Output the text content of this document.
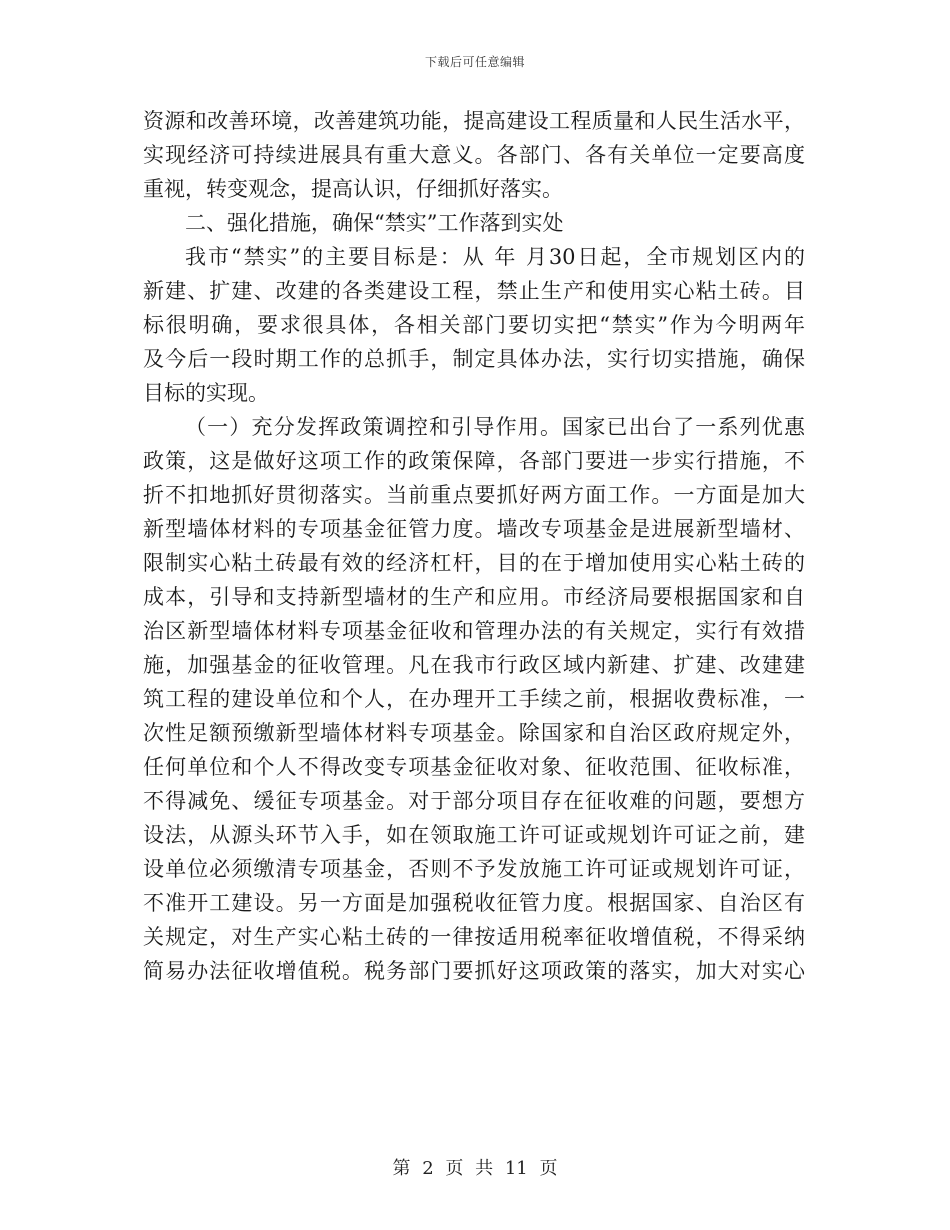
下载后可任意编辑
资源和改善环境，改善建筑功能，提高建设工程质量和人民生活水平，
实现经济可持续进展具有重大意义。各部门、各有关单位一定要高度
重视，转变观念，提高认识，仔细抓好落实。
二、强化措施，确保“禁实”工作落到实处
我市“禁实”的主要目标是：从 年 月30日起，全市规划区内的
新建、扩建、改建的各类建设工程，禁止生产和使用实心粘土砖。目
标很明确，要求很具体，各相关部门要切实把“禁实”作为今明两年
及今后一段时期工作的总抓手，制定具体办法，实行切实措施，确保
目标的实现。
（一）充分发挥政策调控和引导作用。国家已出台了一系列优惠
政策，这是做好这项工作的政策保障，各部门要进一步实行措施，不
折不扣地抓好贯彻落实。当前重点要抓好两方面工作。一方面是加大
新型墙体材料的专项基金征管力度。墙改专项基金是进展新型墙材、
限制实心粘土砖最有效的经济杠杆，目的在于增加使用实心粘土砖的
成本，引导和支持新型墙材的生产和应用。市经济局要根据国家和自
治区新型墙体材料专项基金征收和管理办法的有关规定，实行有效措
施，加强基金的征收管理。凡在我市行政区域内新建、扩建、改建建
筑工程的建设单位和个人，在办理开工手续之前，根据收费标准，一
次性足额预缴新型墙体材料专项基金。除国家和自治区政府规定外，
任何单位和个人不得改变专项基金征收对象、征收范围、征收标准，
不得减免、缓征专项基金。对于部分项目存在征收难的问题，要想方
设法，从源头环节入手，如在领取施工许可证或规划许可证之前，建
设单位必须缴清专项基金，否则不予发放施工许可证或规划许可证，
不准开工建设。另一方面是加强税收征管力度。根据国家、自治区有
关规定，对生产实心粘土砖的一律按适用税率征收增值税，不得采纳
简易办法征收增值税。税务部门要抓好这项政策的落实，加大对实心
第 2 页 共 11 页
